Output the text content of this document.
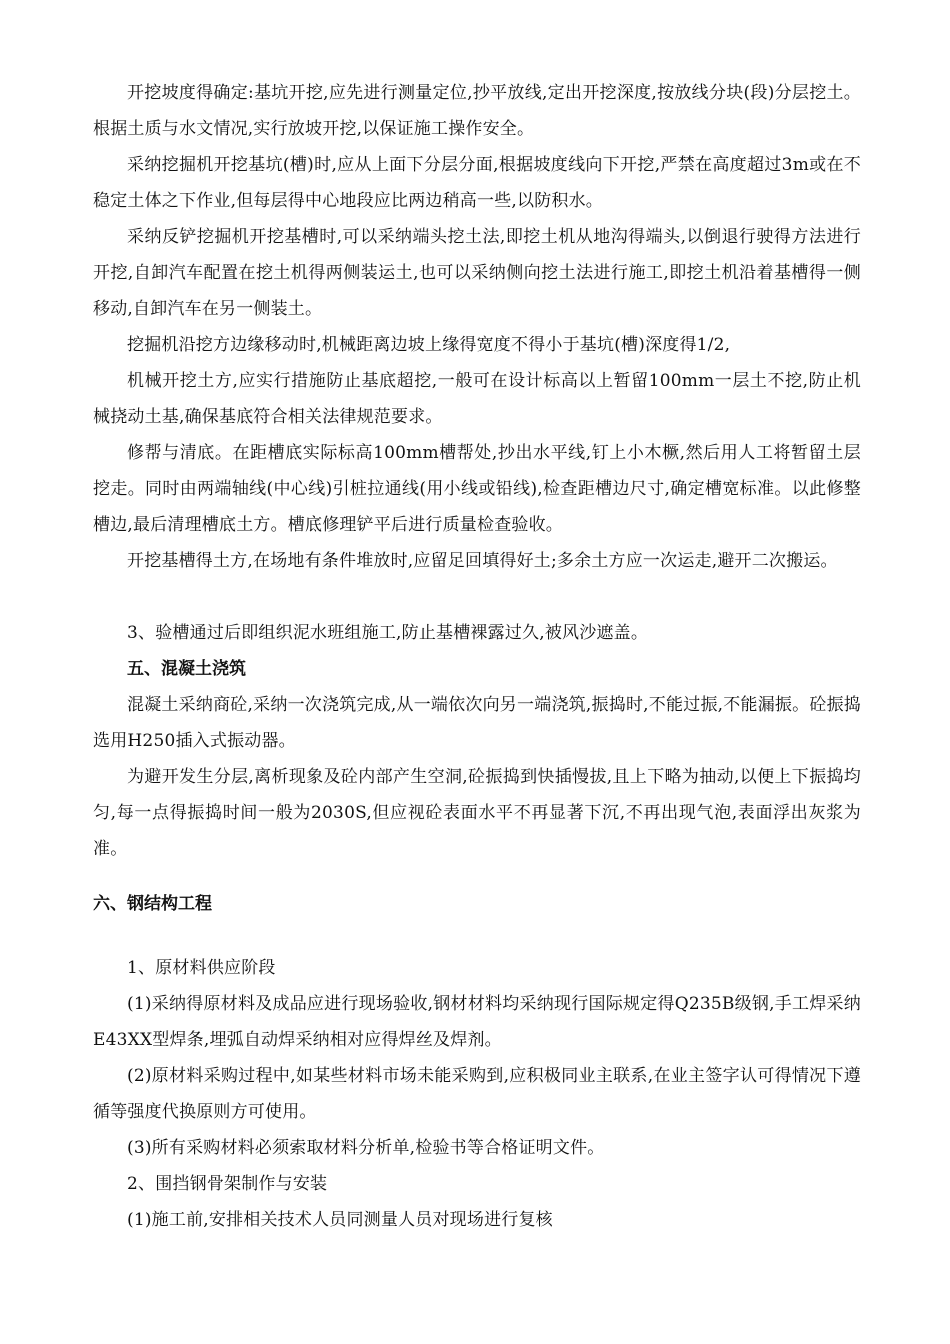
开挖坡度得确定:基坑开挖,应先进行测量定位,抄平放线,定出开挖深度,按放线分块(段)分层挖土。根据土质与水文情况,实行放坡开挖,以保证施工操作安全。

采纳挖掘机开挖基坑(槽)时,应从上面下分层分面,根据坡度线向下开挖,严禁在高度超过3m或在不稳定土体之下作业,但每层得中心地段应比两边稍高一些,以防积水。

采纳反铲挖掘机开挖基槽时,可以采纳端头挖土法,即挖土机从地沟得端头,以倒退行驶得方法进行开挖,自卸汽车配置在挖土机得两侧装运土,也可以采纳侧向挖土法进行施工,即挖土机沿着基槽得一侧移动,自卸汽车在另一侧装土。

挖掘机沿挖方边缘移动时,机械距离边坡上缘得宽度不得小于基坑(槽)深度得1/2,

机械开挖土方,应实行措施防止基底超挖,一般可在设计标高以上暂留100mm一层土不挖,防止机械挠动土基,确保基底符合相关法律规范要求。

修帮与清底。在距槽底实际标高100mm槽帮处,抄出水平线,钉上小木橛,然后用人工将暂留土层挖走。同时由两端轴线(中心线)引桩拉通线(用小线或铅线),检查距槽边尺寸,确定槽宽标准。以此修整槽边,最后清理槽底土方。槽底修理铲平后进行质量检查验收。

开挖基槽得土方,在场地有条件堆放时,应留足回填得好土;多余土方应一次运走,避开二次搬运。

3、验槽通过后即组织泥水班组施工,防止基槽裸露过久,被风沙遮盖。

五、混凝土浇筑

混凝土采纳商砼,采纳一次浇筑完成,从一端依次向另一端浇筑,振捣时,不能过振,不能漏振。砼振捣选用H250插入式振动器。

为避开发生分层,离析现象及砼内部产生空洞,砼振捣到快插慢拔,且上下略为抽动,以便上下振捣均匀,每一点得振捣时间一般为2030S,但应视砼表面水平不再显著下沉,不再出现气泡,表面浮出灰浆为准。

六、钢结构工程

1、原材料供应阶段

(1)采纳得原材料及成品应进行现场验收,钢材材料均采纳现行国际规定得Q235B级钢,手工焊采纳E43XX型焊条,埋弧自动焊采纳相对应得焊丝及焊剂。

(2)原材料采购过程中,如某些材料市场未能采购到,应积极同业主联系,在业主签字认可得情况下遵循等强度代换原则方可使用。

(3)所有采购材料必须索取材料分析单,检验书等合格证明文件。

2、围挡钢骨架制作与安装

(1)施工前,安排相关技术人员同测量人员对现场进行复核
